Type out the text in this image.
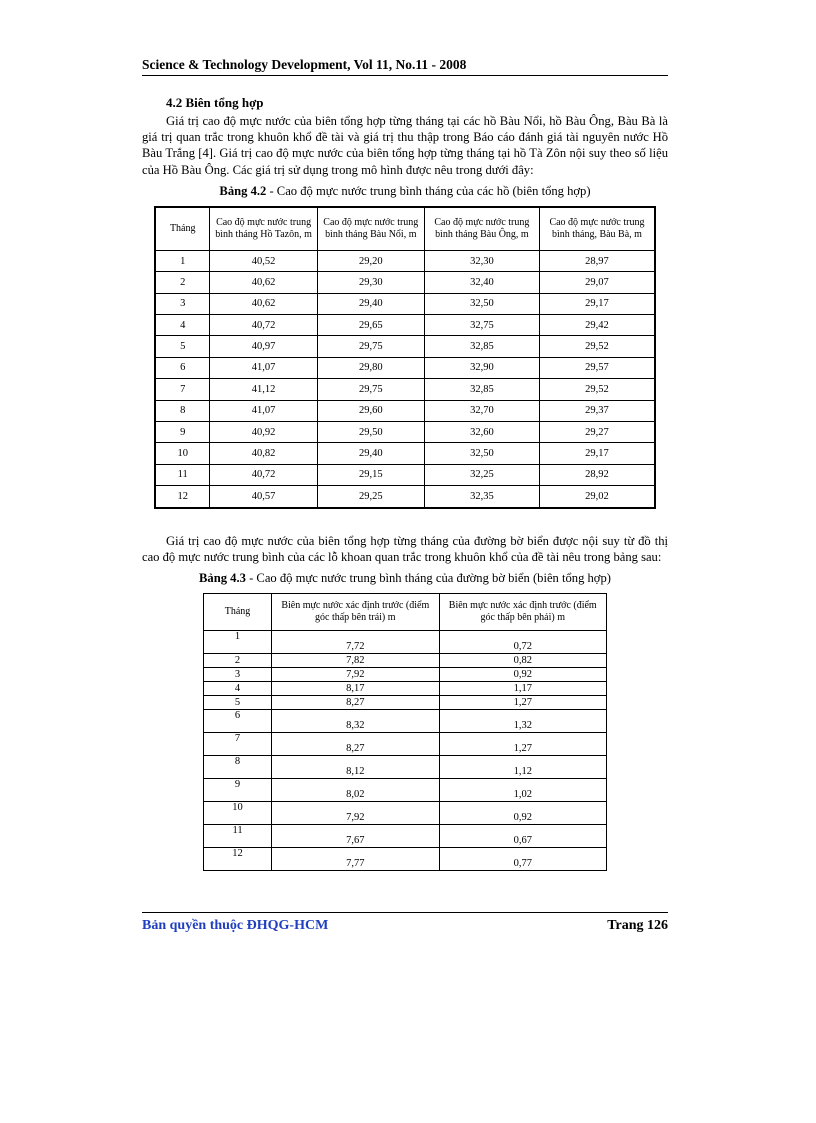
Science & Technology Development, Vol 11, No.11 - 2008
4.2 Biên tổng hợp

Giá trị cao độ mực nước của biên tổng hợp từng tháng tại các hồ Bàu Nổi, hồ Bàu Ông, Bàu Bà là giá trị quan trắc trong khuôn khổ đề tài và giá trị thu thập trong Báo cáo đánh giá tài nguyên nước Hồ Bàu Trắng [4]. Giá trị cao độ mực nước của biên tổng hợp từng tháng tại hồ Tà Zôn nội suy theo số liệu của Hồ Bàu Ông. Các giá trị sử dụng trong mô hình được nêu trong dưới đây:

Bảng 4.2 - Cao độ mực nước trung bình tháng của các hồ (biên tổng hợp)
Tháng	Cao độ mực nước trung bình tháng Hồ Tazôn, m	Cao độ mực nước trung bình tháng Bàu Nổi, m	Cao độ mực nước trung bình tháng Bàu Ông, m	Cao độ mực nước trung bình tháng, Bàu Bà, m
1	40,52	29,20	32,30	28,97
2	40,62	29,30	32,40	29,07
3	40,62	29,40	32,50	29,17
4	40,72	29,65	32,75	29,42
5	40,97	29,75	32,85	29,52
6	41,07	29,80	32,90	29,57
7	41,12	29,75	32,85	29,52
8	41,07	29,60	32,70	29,37
9	40,92	29,50	32,60	29,27
10	40,82	29,40	32,50	29,17
11	40,72	29,15	32,25	28,92
12	40,57	29,25	32,35	29,02

Giá trị cao độ mực nước của biên tổng hợp từng tháng của đường bờ biển được nội suy từ đồ thị cao độ mực nước trung bình của các lỗ khoan quan trắc trong khuôn khổ của đề tài nêu trong bảng sau:

Bảng 4.3 - Cao độ mực nước trung bình tháng của đường bờ biển (biên tổng hợp)
Tháng	Biên mực nước xác định trước (điểm góc thấp bên trái) m	Biên mực nước xác định trước (điểm góc thấp bên phải) m
1	7,72	0,72
2	7,82	0,82
3	7,92	0,92
4	8,17	1,17
5	8,27	1,27
6	8,32	1,32
7	8,27	1,27
8	8,12	1,12
9	8,02	1,02
10	7,92	0,92
11	7,67	0,67
12	7,77	0,77
Bản quyền thuộc ĐHQG-HCM	Trang 126
